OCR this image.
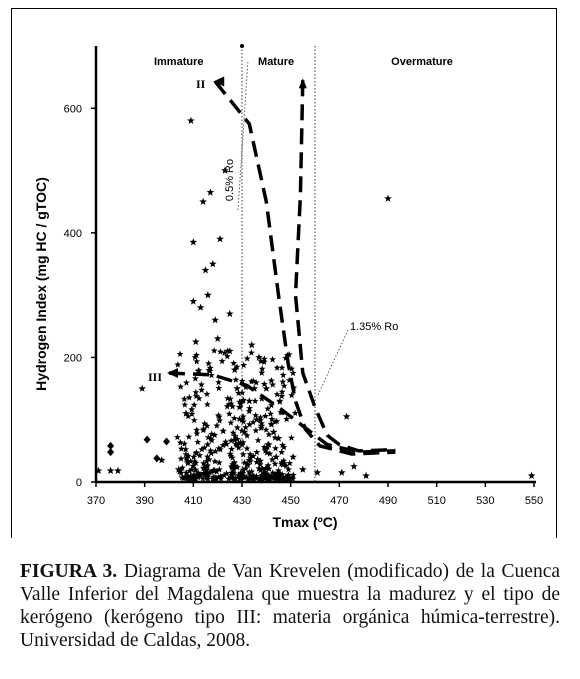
370	390	410	430	450	470	490	510	530	550
0
200
400
600
Tmax (ºC)
Hydrogen Index (mg HC / gTOC)
Immature	Mature	Overmature
0.5% Ro
1.35% Ro
I
II
III
FIGURA 3. Diagrama de Van Krevelen (modificado) de la Cuenca Valle Inferior del Magdalena que muestra la madurez y el tipo de kerógeno (kerógeno tipo III: materia orgánica húmica-terrestre). Universidad de Caldas, 2008.
